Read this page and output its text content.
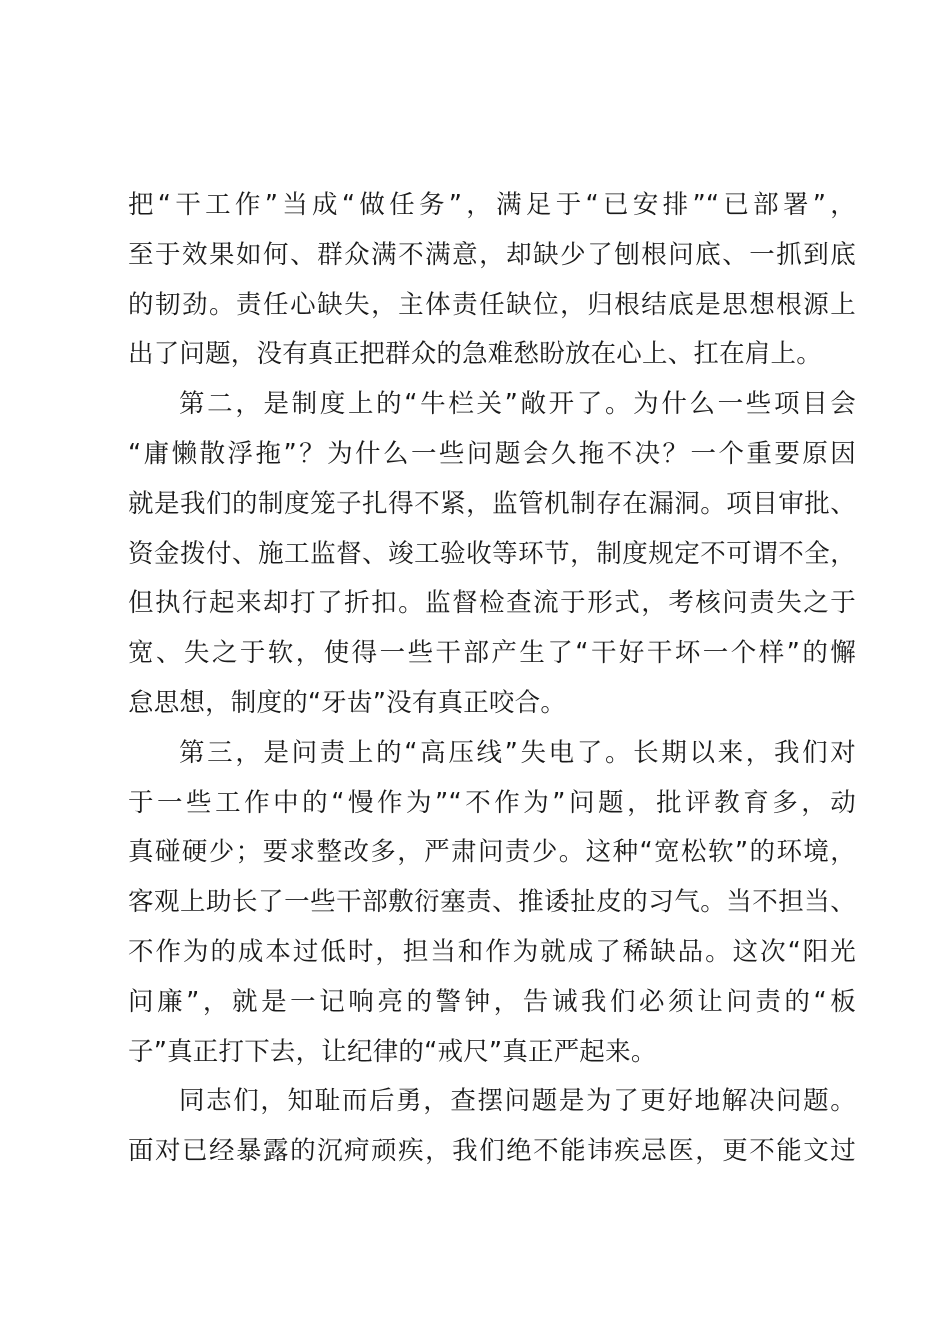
把“干工作”当成“做任务”，满足于“已安排”“已部署”，
至于效果如何、群众满不满意，却缺少了刨根问底、一抓到底
的韧劲。责任心缺失，主体责任缺位，归根结底是思想根源上
出了问题，没有真正把群众的急难愁盼放在心上、扛在肩上。
第二，是制度上的“牛栏关”敞开了。为什么一些项目会
“庸懒散浮拖”？为什么一些问题会久拖不决？一个重要原因
就是我们的制度笼子扎得不紧，监管机制存在漏洞。项目审批、
资金拨付、施工监督、竣工验收等环节，制度规定不可谓不全，
但执行起来却打了折扣。监督检查流于形式，考核问责失之于
宽、失之于软，使得一些干部产生了“干好干坏一个样”的懈
怠思想，制度的“牙齿”没有真正咬合。
第三，是问责上的“高压线”失电了。长期以来，我们对
于一些工作中的“慢作为”“不作为”问题，批评教育多，动
真碰硬少；要求整改多，严肃问责少。这种“宽松软”的环境，
客观上助长了一些干部敷衍塞责、推诿扯皮的习气。当不担当、
不作为的成本过低时，担当和作为就成了稀缺品。这次“阳光
问廉”，就是一记响亮的警钟，告诫我们必须让问责的“板
子”真正打下去，让纪律的“戒尺”真正严起来。
同志们，知耻而后勇，查摆问题是为了更好地解决问题。
面对已经暴露的沉疴顽疾，我们绝不能讳疾忌医，更不能文过
